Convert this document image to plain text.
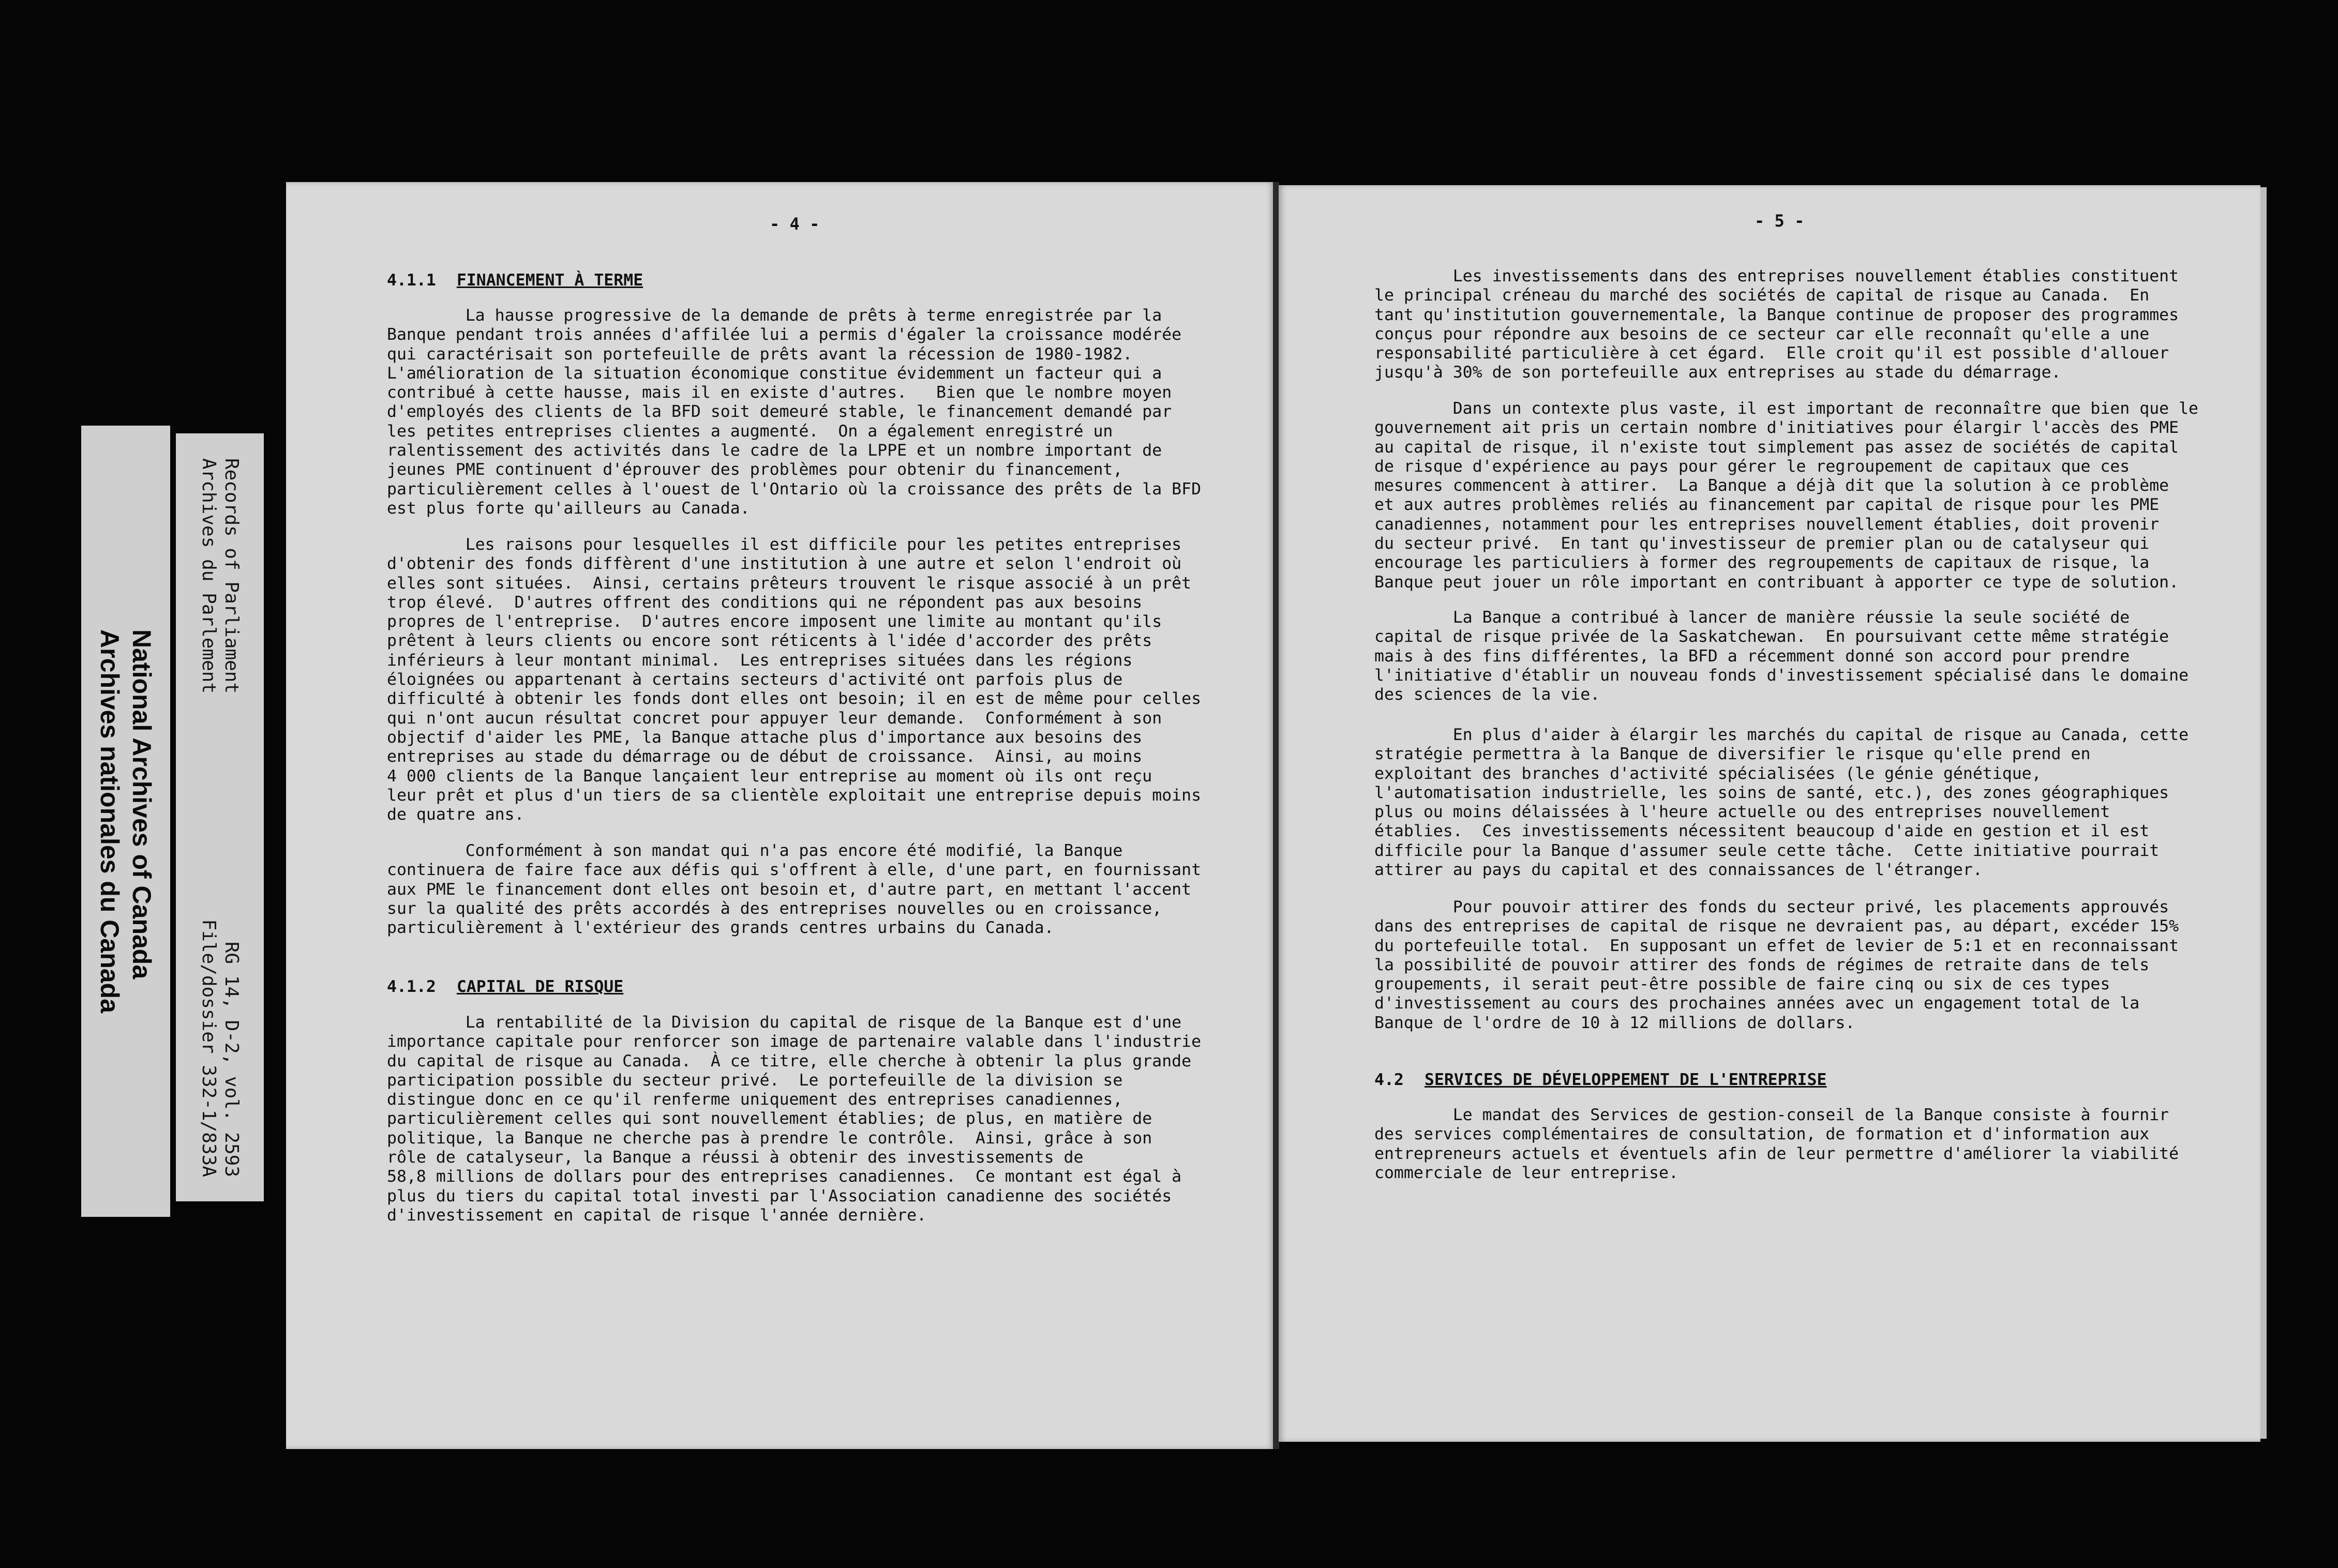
National Archives of Canada
Archives nationales du Canada
Records of Parliament
RG 14, D-2, vol. 2593
Archives du Parlement
File/dossier 332-1/833A
- 4 -
4.1.1 FINANCEMENT À TERME
La hausse progressive de la demande de prêts à terme enregistrée par la
Banque pendant trois années d'affilée lui a permis d'égaler la croissance modérée
qui caractérisait son portefeuille de prêts avant la récession de 1980-1982.
L'amélioration de la situation économique constitue évidemment un facteur qui a
contribué à cette hausse, mais il en existe d'autres.   Bien que le nombre moyen
d'employés des clients de la BFD soit demeuré stable, le financement demandé par
les petites entreprises clientes a augmenté.  On a également enregistré un
ralentissement des activités dans le cadre de la LPPE et un nombre important de
jeunes PME continuent d'éprouver des problèmes pour obtenir du financement,
particulièrement celles à l'ouest de l'Ontario où la croissance des prêts de la BFD
est plus forte qu'ailleurs au Canada.
Les raisons pour lesquelles il est difficile pour les petites entreprises
d'obtenir des fonds diffèrent d'une institution à une autre et selon l'endroit où
elles sont situées.  Ainsi, certains prêteurs trouvent le risque associé à un prêt
trop élevé.  D'autres offrent des conditions qui ne répondent pas aux besoins
propres de l'entreprise.  D'autres encore imposent une limite au montant qu'ils
prêtent à leurs clients ou encore sont réticents à l'idée d'accorder des prêts
inférieurs à leur montant minimal.  Les entreprises situées dans les régions
éloignées ou appartenant à certains secteurs d'activité ont parfois plus de
difficulté à obtenir les fonds dont elles ont besoin; il en est de même pour celles
qui n'ont aucun résultat concret pour appuyer leur demande.  Conformément à son
objectif d'aider les PME, la Banque attache plus d'importance aux besoins des
entreprises au stade du démarrage ou de début de croissance.  Ainsi, au moins
4 000 clients de la Banque lançaient leur entreprise au moment où ils ont reçu
leur prêt et plus d'un tiers de sa clientèle exploitait une entreprise depuis moins
de quatre ans.
Conformément à son mandat qui n'a pas encore été modifié, la Banque
continuera de faire face aux défis qui s'offrent à elle, d'une part, en fournissant
aux PME le financement dont elles ont besoin et, d'autre part, en mettant l'accent
sur la qualité des prêts accordés à des entreprises nouvelles ou en croissance,
particulièrement à l'extérieur des grands centres urbains du Canada.
4.1.2 CAPITAL DE RISQUE
La rentabilité de la Division du capital de risque de la Banque est d'une
importance capitale pour renforcer son image de partenaire valable dans l'industrie
du capital de risque au Canada.  À ce titre, elle cherche à obtenir la plus grande
participation possible du secteur privé.  Le portefeuille de la division se
distingue donc en ce qu'il renferme uniquement des entreprises canadiennes,
particulièrement celles qui sont nouvellement établies; de plus, en matière de
politique, la Banque ne cherche pas à prendre le contrôle.  Ainsi, grâce à son
rôle de catalyseur, la Banque a réussi à obtenir des investissements de
58,8 millions de dollars pour des entreprises canadiennes.  Ce montant est égal à
plus du tiers du capital total investi par l'Association canadienne des sociétés
d'investissement en capital de risque l'année dernière.
- 5 -
Les investissements dans des entreprises nouvellement établies constituent
le principal créneau du marché des sociétés de capital de risque au Canada.  En
tant qu'institution gouvernementale, la Banque continue de proposer des programmes
conçus pour répondre aux besoins de ce secteur car elle reconnaît qu'elle a une
responsabilité particulière à cet égard.  Elle croit qu'il est possible d'allouer
jusqu'à 30% de son portefeuille aux entreprises au stade du démarrage.
Dans un contexte plus vaste, il est important de reconnaître que bien que le
gouvernement ait pris un certain nombre d'initiatives pour élargir l'accès des PME
au capital de risque, il n'existe tout simplement pas assez de sociétés de capital
de risque d'expérience au pays pour gérer le regroupement de capitaux que ces
mesures commencent à attirer.  La Banque a déjà dit que la solution à ce problème
et aux autres problèmes reliés au financement par capital de risque pour les PME
canadiennes, notamment pour les entreprises nouvellement établies, doit provenir
du secteur privé.  En tant qu'investisseur de premier plan ou de catalyseur qui
encourage les particuliers à former des regroupements de capitaux de risque, la
Banque peut jouer un rôle important en contribuant à apporter ce type de solution.
La Banque a contribué à lancer de manière réussie la seule société de
capital de risque privée de la Saskatchewan.  En poursuivant cette même stratégie
mais à des fins différentes, la BFD a récemment donné son accord pour prendre
l'initiative d'établir un nouveau fonds d'investissement spécialisé dans le domaine
des sciences de la vie.
En plus d'aider à élargir les marchés du capital de risque au Canada, cette
stratégie permettra à la Banque de diversifier le risque qu'elle prend en
exploitant des branches d'activité spécialisées (le génie génétique,
l'automatisation industrielle, les soins de santé, etc.), des zones géographiques
plus ou moins délaissées à l'heure actuelle ou des entreprises nouvellement
établies.  Ces investissements nécessitent beaucoup d'aide en gestion et il est
difficile pour la Banque d'assumer seule cette tâche.  Cette initiative pourrait
attirer au pays du capital et des connaissances de l'étranger.
Pour pouvoir attirer des fonds du secteur privé, les placements approuvés
dans des entreprises de capital de risque ne devraient pas, au départ, excéder 15%
du portefeuille total.  En supposant un effet de levier de 5:1 et en reconnaissant
la possibilité de pouvoir attirer des fonds de régimes de retraite dans de tels
groupements, il serait peut-être possible de faire cinq ou six de ces types
d'investissement au cours des prochaines années avec un engagement total de la
Banque de l'ordre de 10 à 12 millions de dollars.
4.2 SERVICES DE DÉVELOPPEMENT DE L'ENTREPRISE
Le mandat des Services de gestion-conseil de la Banque consiste à fournir
des services complémentaires de consultation, de formation et d'information aux
entrepreneurs actuels et éventuels afin de leur permettre d'améliorer la viabilité
commerciale de leur entreprise.
